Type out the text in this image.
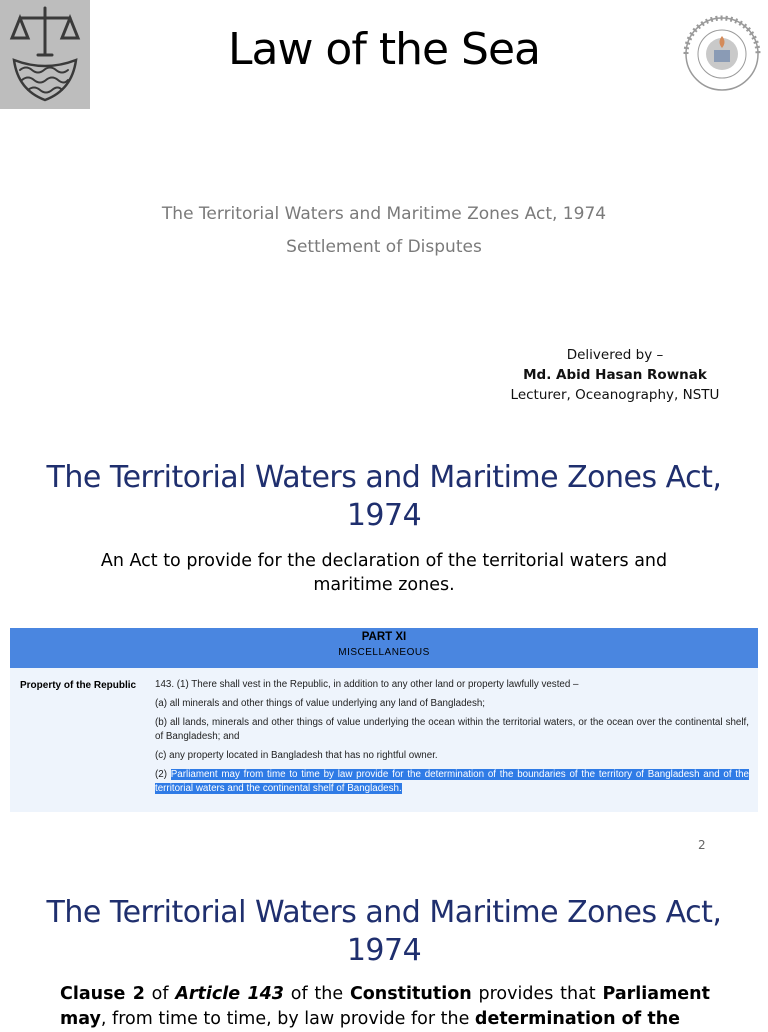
Law of the Sea
The Territorial Waters and Maritime Zones Act, 1974
Settlement of Disputes
Delivered by –
Md. Abid Hasan Rownak
Lecturer, Oceanography, NSTU
The Territorial Waters and Maritime Zones Act,
1974
An Act to provide for the declaration of the territorial waters and maritime zones.
PART XI
MISCELLANEOUS
Property of the Republic	143. (1) There shall vest in the Republic, in addition to any other land or property lawfully vested –

(a) all minerals and other things of value underlying any land of Bangladesh;

(b) all lands, minerals and other things of value underlying the ocean within the territorial waters, or the ocean over the continental shelf, of Bangladesh; and

(c) any property located in Bangladesh that has no rightful owner.

(2) Parliament may from time to time by law provide for the determination of the boundaries of the territory of Bangladesh and of the territorial waters and the continental shelf of Bangladesh.

2
The Territorial Waters and Maritime Zones Act,
1974
Clause 2 of Article 143 of the Constitution provides that Parliament may, from time to time, by law provide for the determination of the
